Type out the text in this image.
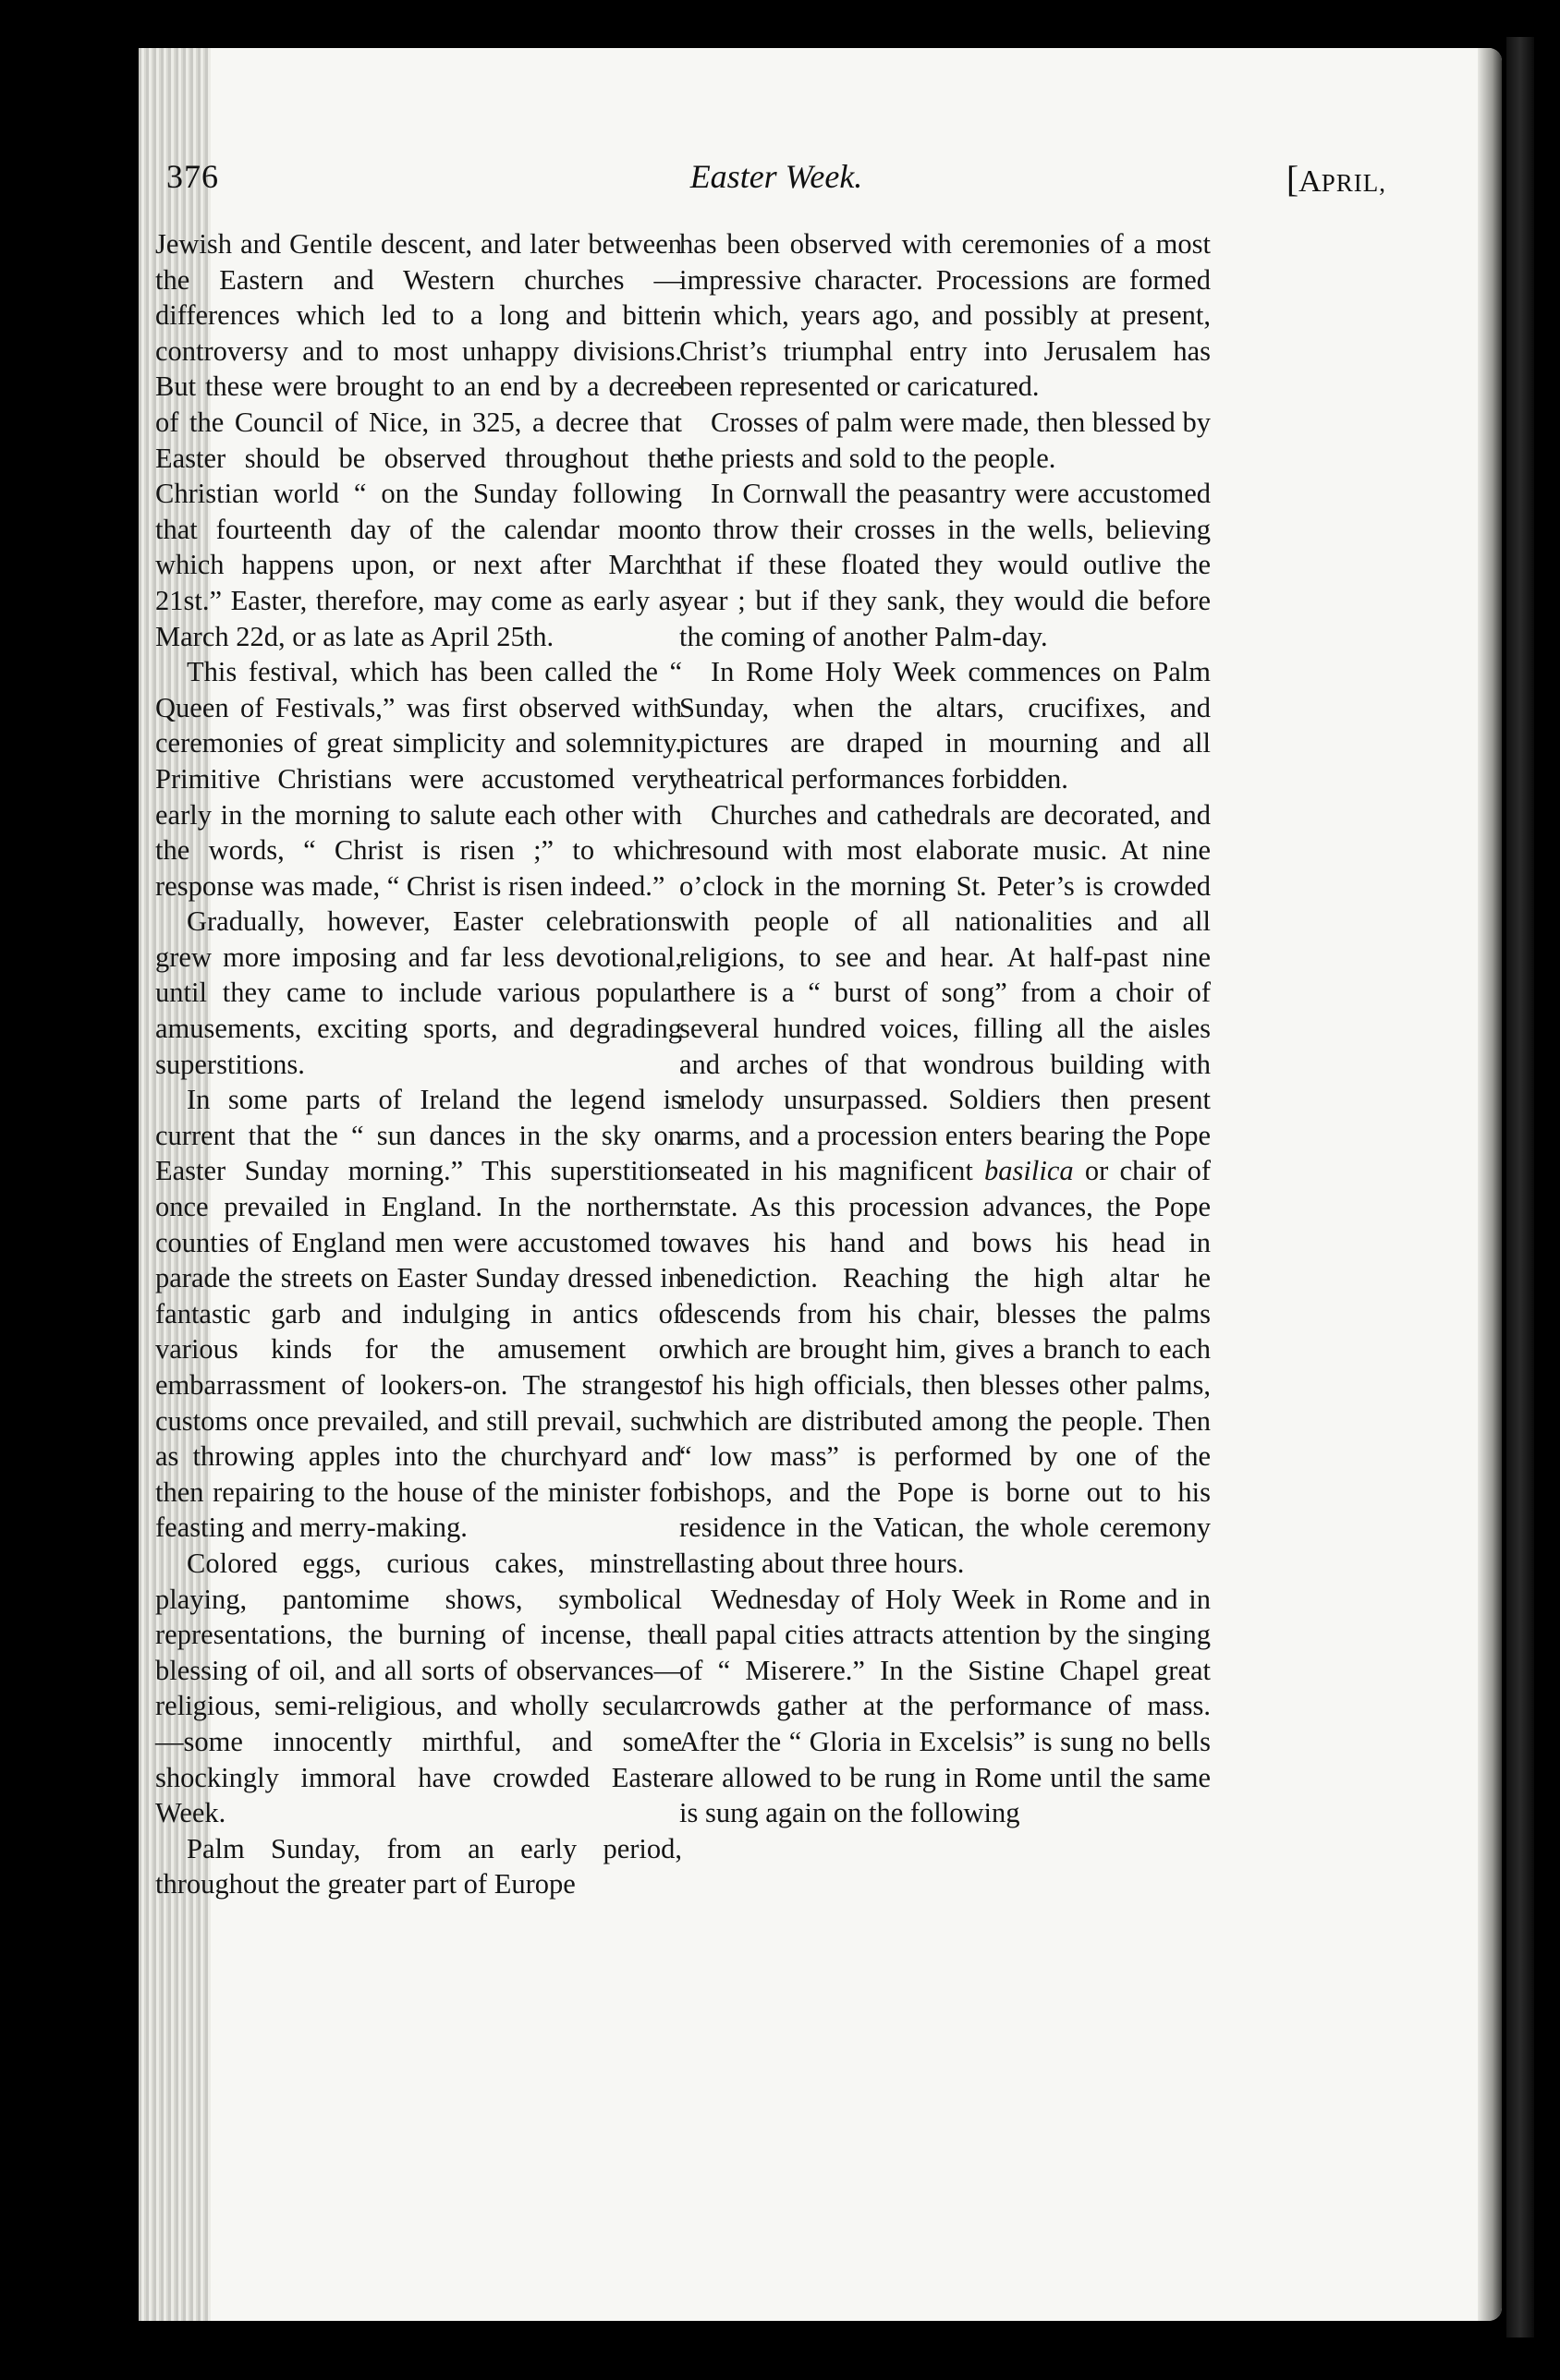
376	Easter Week.	[APRIL,

Jewish and Gentile descent, and later between the Eastern and Western churches — differences which led to a long and bitter controversy and to most unhappy divisions. But these were brought to an end by a decree of the Council of Nice, in 325, a decree that Easter should be observed throughout the Christian world “ on the Sunday following that fourteenth day of the calendar moon which happens upon, or next after March 21st.” Easter, therefore, may come as early as March 22d, or as late as April 25th.

This festival, which has been called the “ Queen of Festivals,” was first observed with ceremonies of great simplicity and solemnity. Primitive Christians were accustomed very early in the morning to salute each other with the words, “ Christ is risen ;” to which response was made, “ Christ is risen indeed.”

Gradually, however, Easter celebrations grew more imposing and far less devotional, until they came to include various popular amusements, exciting sports, and degrading superstitions.

In some parts of Ireland the legend is current that the “ sun dances in the sky on Easter Sunday morning.” This superstition once prevailed in England. In the northern counties of England men were accustomed to parade the streets on Easter Sunday dressed in fantastic garb and indulging in antics of various kinds for the amusement or embarrassment of lookers-on. The strangest customs once prevailed, and still prevail, such as throwing apples into the churchyard and then repairing to the house of the minister for feasting and merry-making.

Colored eggs, curious cakes, minstrel playing, pantomime shows, symbolical representations, the burning of incense, the blessing of oil, and all sorts of observances—religious, semi-religious, and wholly secular—some innocently mirthful, and some shockingly immoral have crowded Easter Week.

Palm Sunday, from an early period, throughout the greater part of Europe

has been observed with ceremonies of a most impressive character. Processions are formed in which, years ago, and possibly at present, Christ’s triumphal entry into Jerusalem has been represented or caricatured.

Crosses of palm were made, then blessed by the priests and sold to the people.

In Cornwall the peasantry were accustomed to throw their crosses in the wells, believing that if these floated they would outlive the year ; but if they sank, they would die before the coming of another Palm-day.

In Rome Holy Week commences on Palm Sunday, when the altars, crucifixes, and pictures are draped in mourning and all theatrical performances forbidden.

Churches and cathedrals are decorated, and resound with most elaborate music. At nine o’clock in the morning St. Peter’s is crowded with people of all nationalities and all religions, to see and hear. At half-past nine there is a “ burst of song” from a choir of several hundred voices, filling all the aisles and arches of that wondrous building with melody unsurpassed. Soldiers then present arms, and a procession enters bearing the Pope seated in his magnificent basilica or chair of state. As this procession advances, the Pope waves his hand and bows his head in benediction. Reaching the high altar he descends from his chair, blesses the palms which are brought him, gives a branch to each of his high officials, then blesses other palms, which are distributed among the people. Then “ low mass” is performed by one of the bishops, and the Pope is borne out to his residence in the Vatican, the whole ceremony lasting about three hours.

Wednesday of Holy Week in Rome and in all papal cities attracts attention by the singing of “ Miserere.” In the Sistine Chapel great crowds gather at the performance of mass. After the “ Gloria in Excelsis” is sung no bells are allowed to be rung in Rome until the same is sung again on the following
